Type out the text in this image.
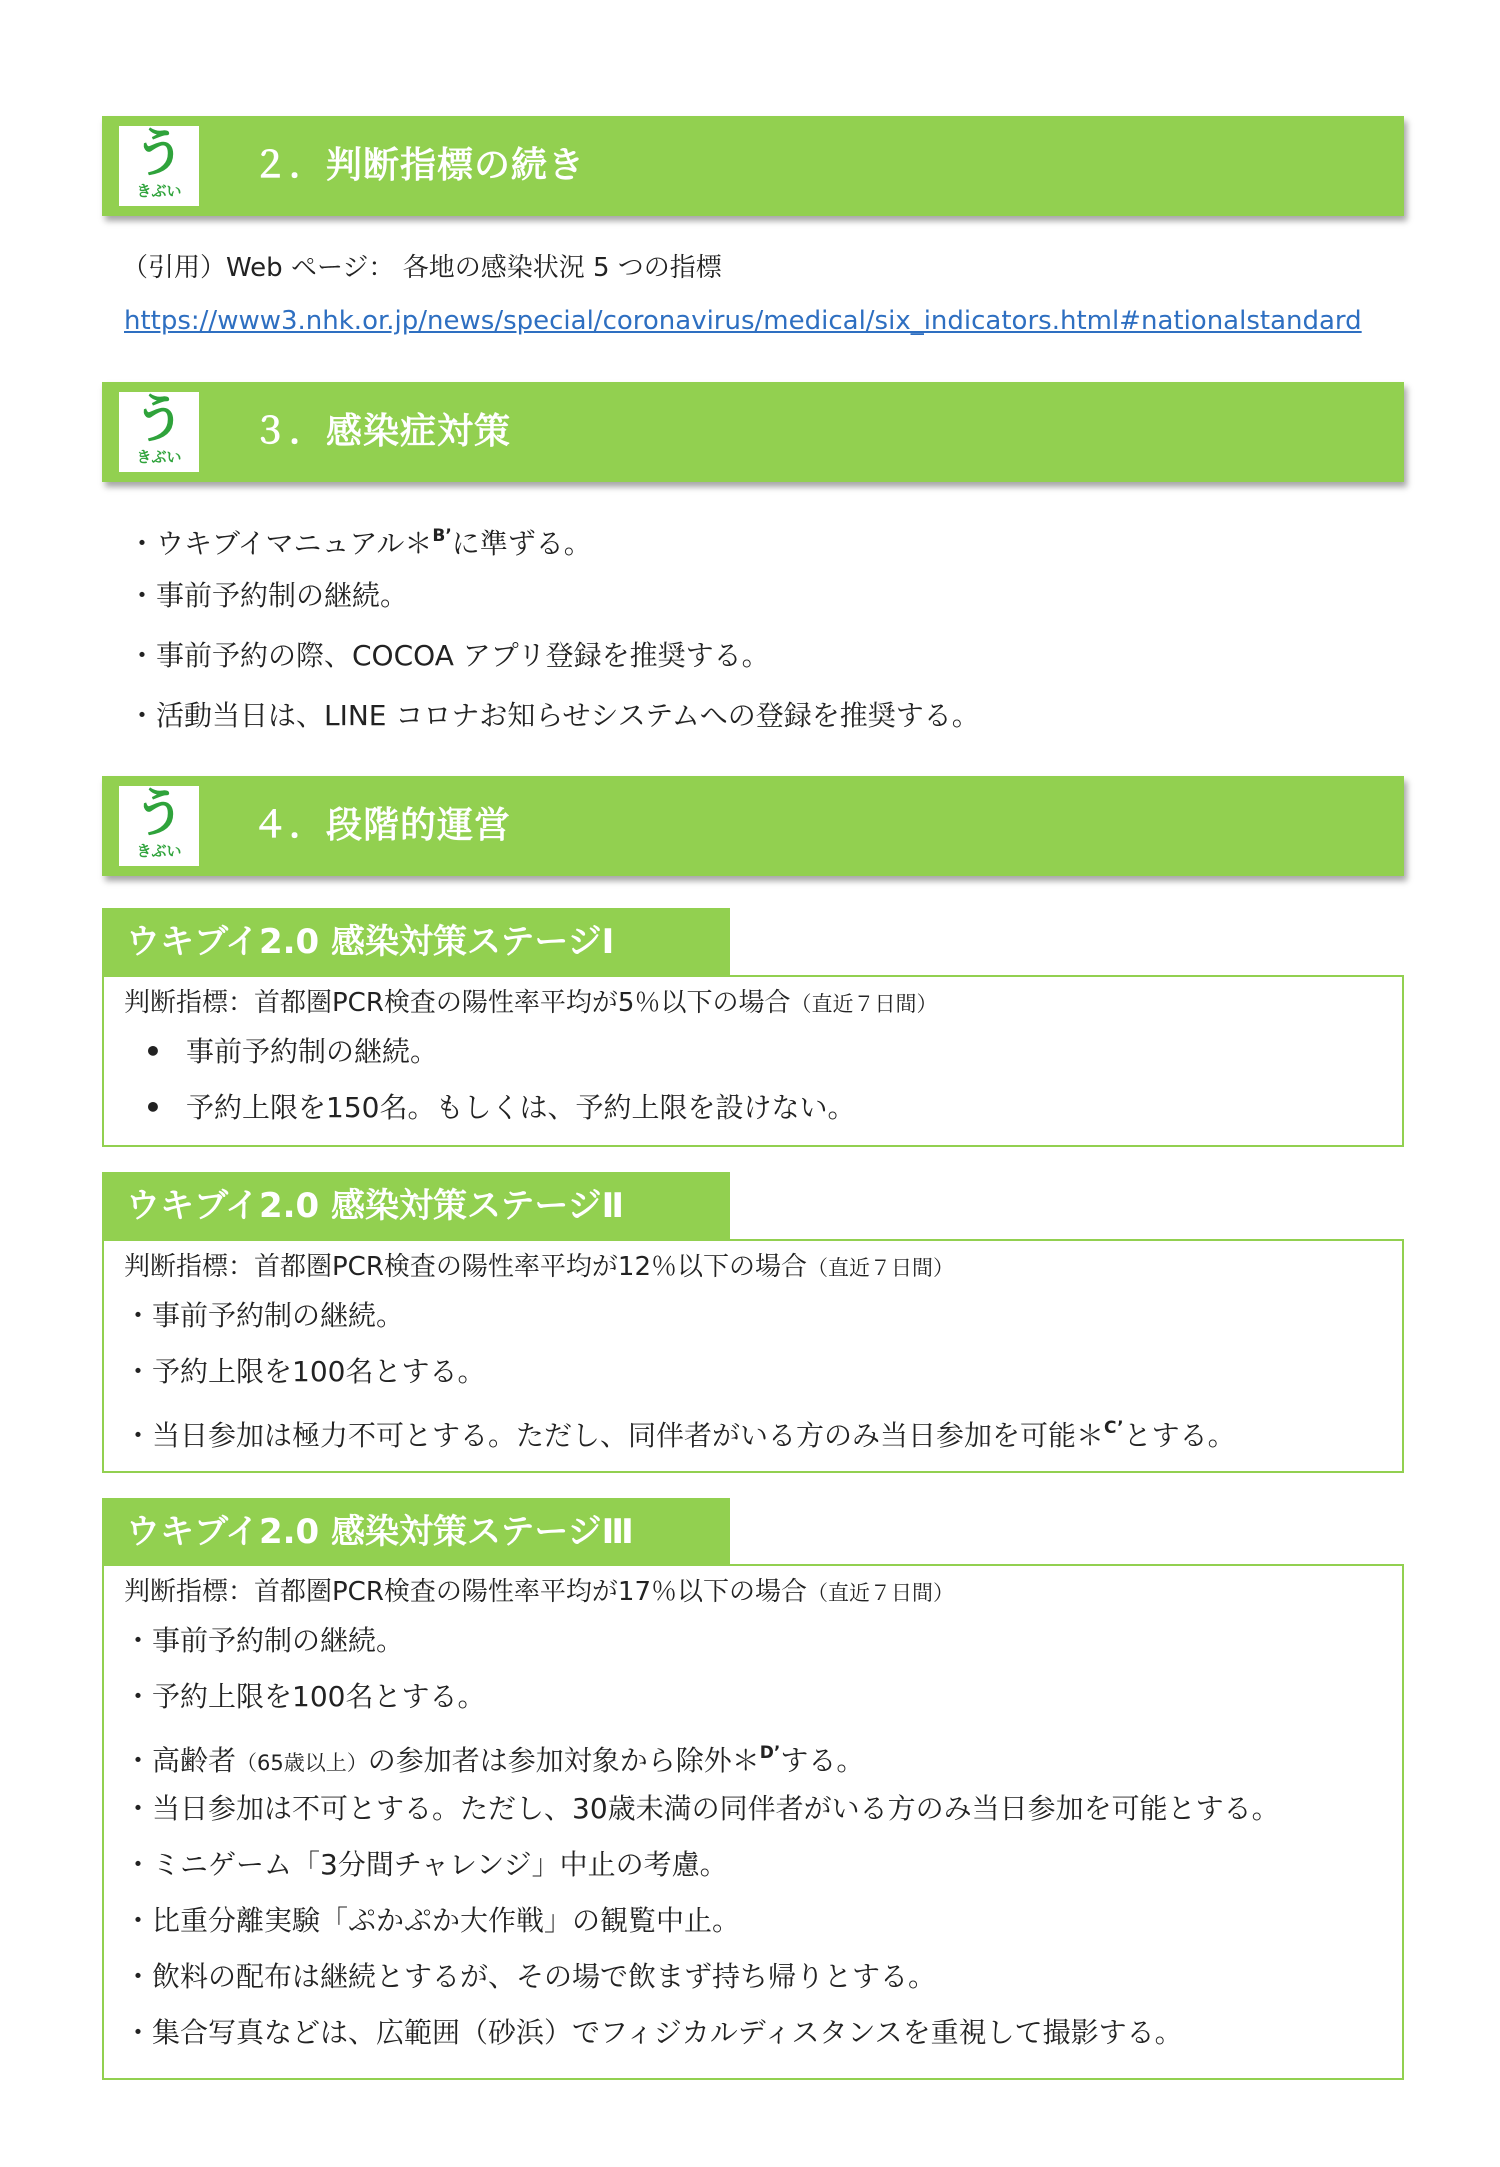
う
きぶい
２．判断指標の続き
（引用）Web ページ： 各地の感染状況 5 つの指標
https://www3.nhk.or.jp/news/special/coronavirus/medical/six_indicators.html#nationalstandard
う
きぶい
３．感染症対策
・ウキブイマニュアル＊$^{B’}$に準ずる。
・事前予約制の継続。
・事前予約の際、COCOA アプリ登録を推奨する。
・活動当日は、LINE コロナお知らせシステムへの登録を推奨する。
う
きぶい
４．段階的運営
ウキブイ2.0 感染対策ステージⅠ
判断指標：首都圏PCR検査の陽性率平均が5％以下の場合（直近７日間）
• 事前予約制の継続。
• 予約上限を150名。もしくは、予約上限を設けない。
ウキブイ2.0 感染対策ステージⅡ
判断指標：首都圏PCR検査の陽性率平均が12％以下の場合（直近７日間）
・事前予約制の継続。
・予約上限を100名とする。
・当日参加は極力不可とする。ただし、同伴者がいる方のみ当日参加を可能＊$^{C’}$とする。
ウキブイ2.0 感染対策ステージⅢ
判断指標：首都圏PCR検査の陽性率平均が17％以下の場合（直近７日間）
・事前予約制の継続。
・予約上限を100名とする。
・高齢者（65歳以上）の参加者は参加対象から除外＊$^{D’}$する。
・当日参加は不可とする。ただし、30歳未満の同伴者がいる方のみ当日参加を可能とする。
・ミニゲーム「3分間チャレンジ」中止の考慮。
・比重分離実験「ぷかぷか大作戦」の観覧中止。
・飲料の配布は継続とするが、その場で飲まず持ち帰りとする。
・集合写真などは、広範囲（砂浜）でフィジカルディスタンスを重視して撮影する。
